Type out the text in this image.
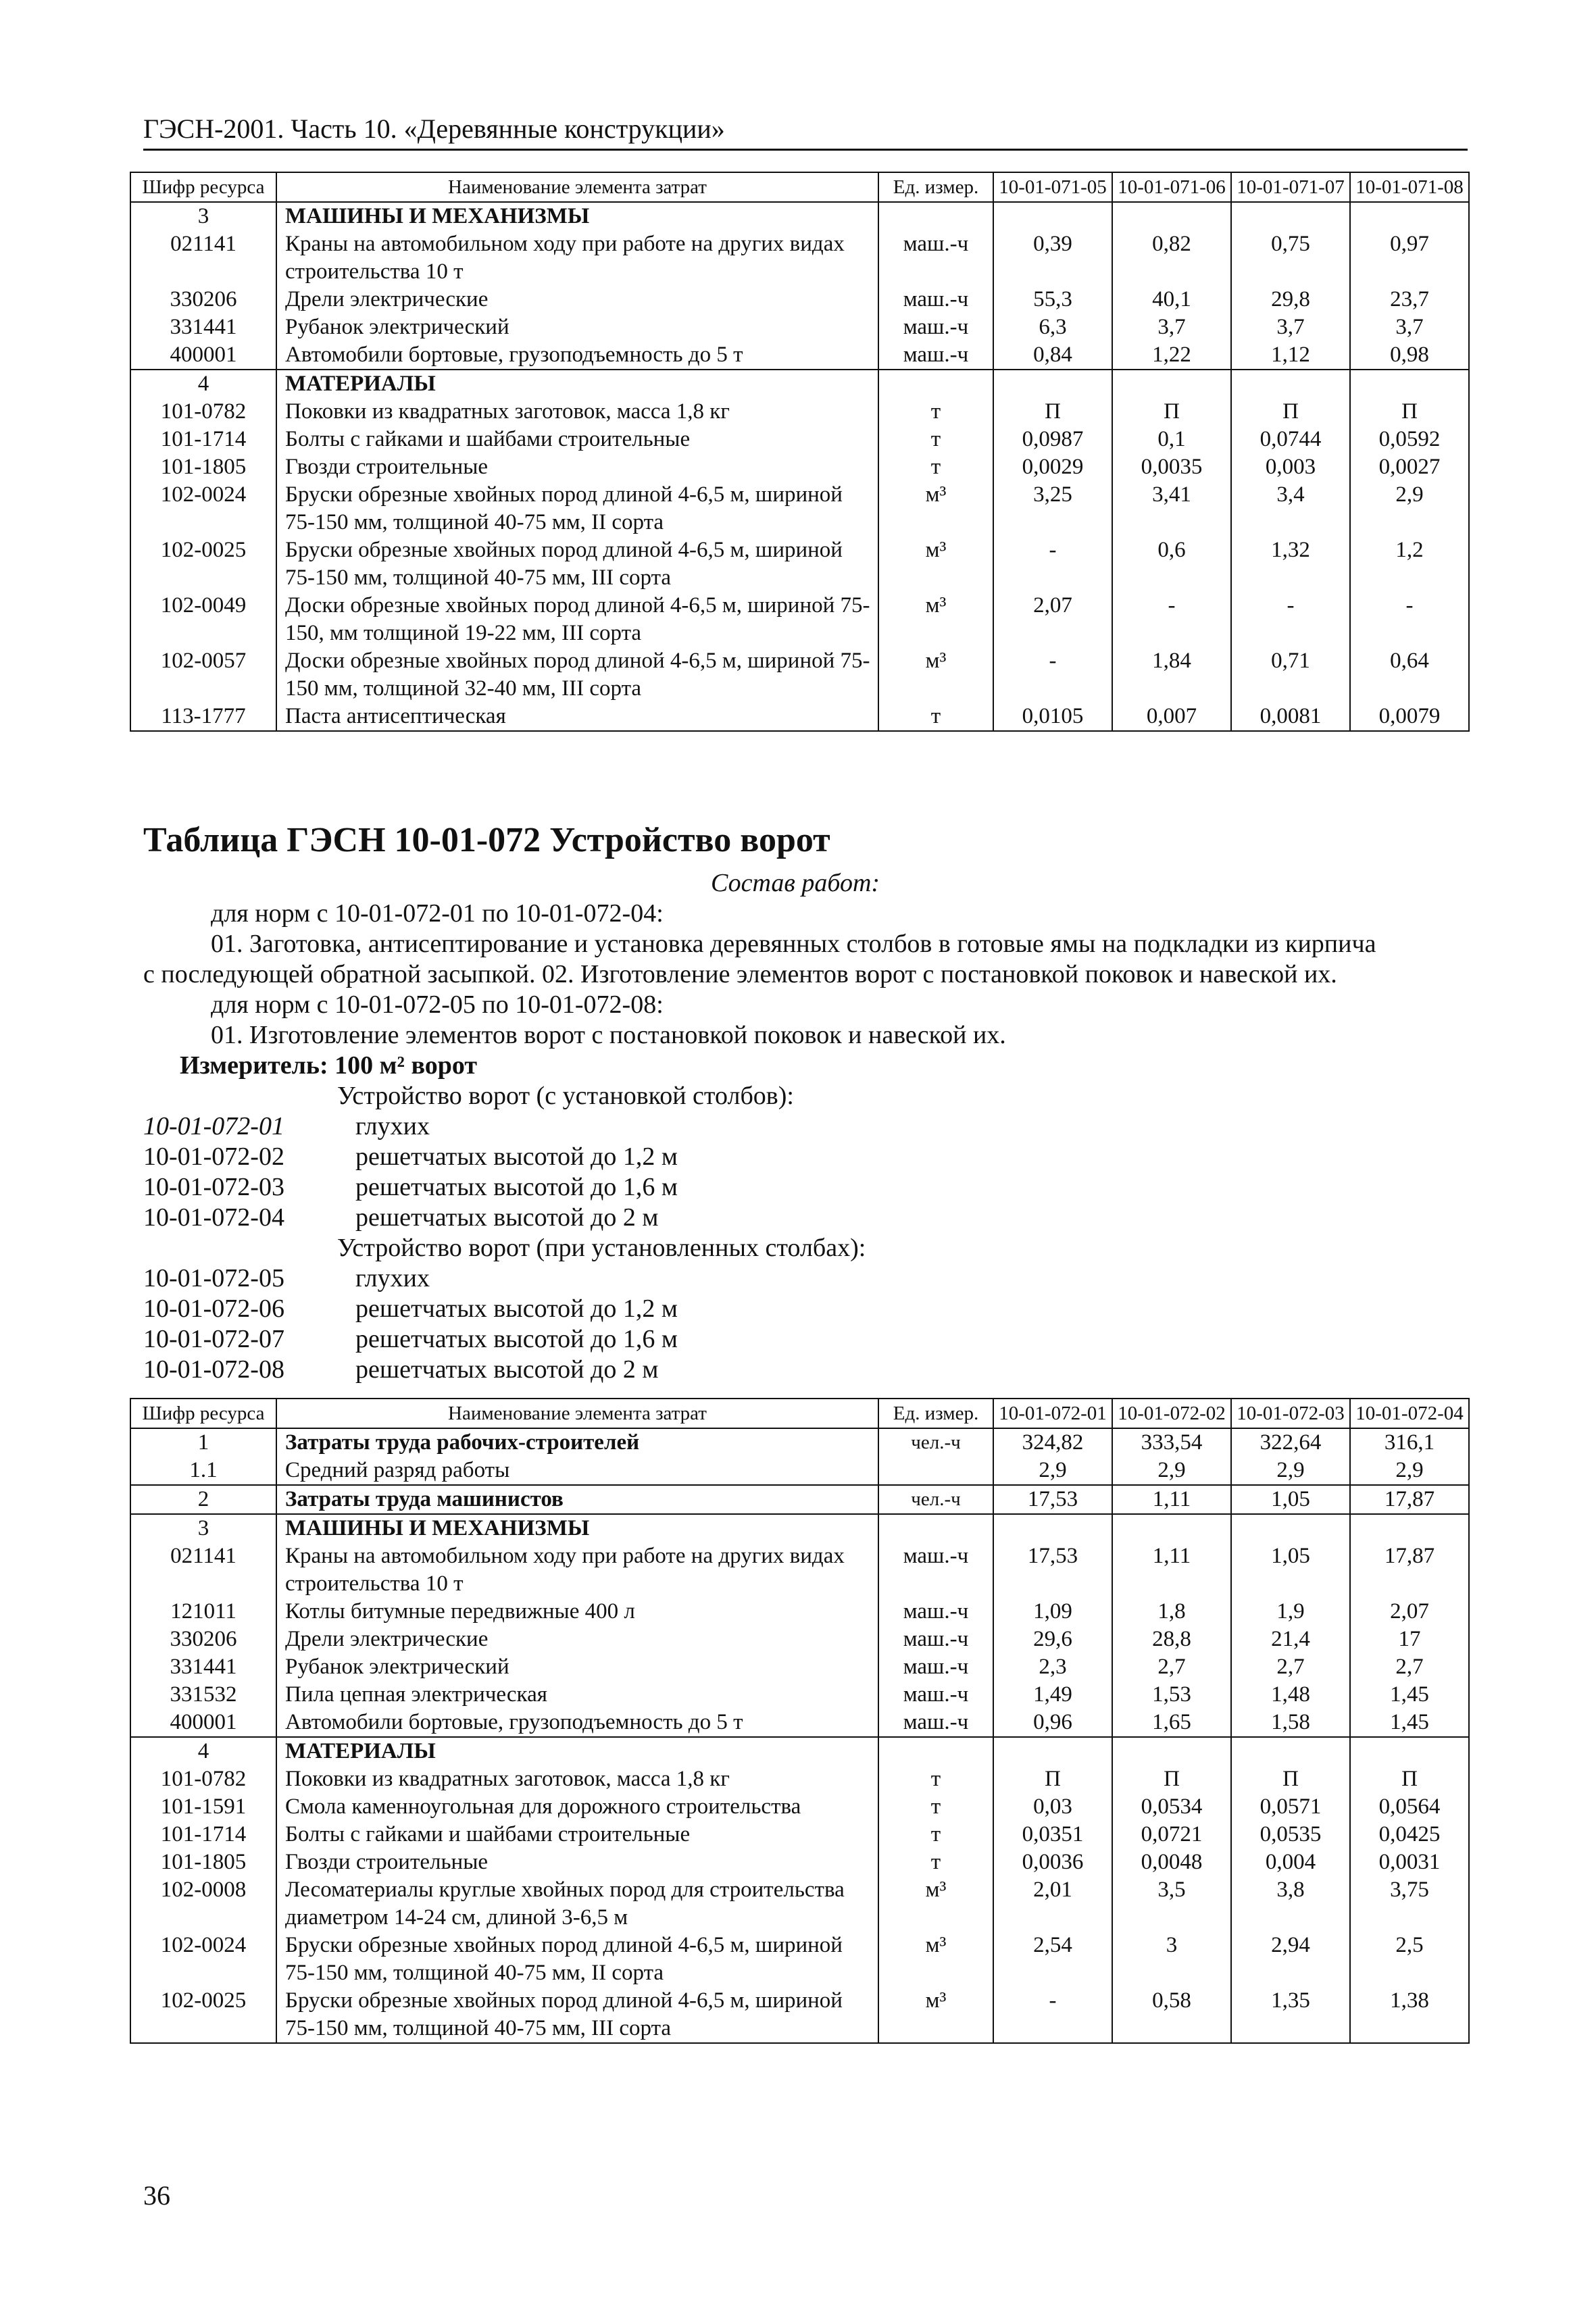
ГЭСН-2001. Часть 10. «Деревянные конструкции»
Шифр ресурса	Наименование элемента затрат	Ед. измер.	10-01-071-05	10-01-071-06	10-01-071-07	10-01-071-08
3	МАШИНЫ И МЕХАНИЗМЫ					
021141	Краны на автомобильном ходу при работе на других видах строительства 10 т	маш.-ч	0,39	0,82	0,75	0,97
330206	Дрели электрические	маш.-ч	55,3	40,1	29,8	23,7
331441	Рубанок электрический	маш.-ч	6,3	3,7	3,7	3,7
400001	Автомобили бортовые, грузоподъемность до 5 т	маш.-ч	0,84	1,22	1,12	0,98
4	МАТЕРИАЛЫ					
101-0782	Поковки из квадратных заготовок, масса 1,8 кг	т	П	П	П	П
101-1714	Болты с гайками и шайбами строительные	т	0,0987	0,1	0,0744	0,0592
101-1805	Гвозди строительные	т	0,0029	0,0035	0,003	0,0027
102-0024	Бруски обрезные хвойных пород длиной 4-6,5 м, шириной 75-150 мм, толщиной 40-75 мм, II сорта	м³	3,25	3,41	3,4	2,9
102-0025	Бруски обрезные хвойных пород длиной 4-6,5 м, шириной 75-150 мм, толщиной 40-75 мм, III сорта	м³	-	0,6	1,32	1,2
102-0049	Доски обрезные хвойных пород длиной 4-6,5 м, шириной 75-150, мм толщиной 19-22 мм, III сорта	м³	2,07	-	-	-
102-0057	Доски обрезные хвойных пород длиной 4-6,5 м, шириной 75-150 мм, толщиной 32-40 мм, III сорта	м³	-	1,84	0,71	0,64
113-1777	Паста антисептическая	т	0,0105	0,007	0,0081	0,0079
Таблица ГЭСН 10-01-072 Устройство ворот
Состав работ:
для норм с 10-01-072-01 по 10-01-072-04:
01. Заготовка, антисептирование и установка деревянных столбов в готовые ямы на подкладки из кирпича
с последующей обратной засыпкой. 02. Изготовление элементов ворот с постановкой поковок и навеской их.
для норм с 10-01-072-05 по 10-01-072-08:
01. Изготовление элементов ворот с постановкой поковок и навеской их.
Измеритель: 100 м² ворот
Устройство ворот (с установкой столбов):
10-01-072-01	глухих
10-01-072-02	решетчатых высотой до 1,2 м
10-01-072-03	решетчатых высотой до 1,6 м
10-01-072-04	решетчатых высотой до 2 м
Устройство ворот (при установленных столбах):
10-01-072-05	глухих
10-01-072-06	решетчатых высотой до 1,2 м
10-01-072-07	решетчатых высотой до 1,6 м
10-01-072-08	решетчатых высотой до 2 м
Шифр ресурса	Наименование элемента затрат	Ед. измер.	10-01-072-01	10-01-072-02	10-01-072-03	10-01-072-04
1	Затраты труда рабочих-строителей	чел.-ч	324,82	333,54	322,64	316,1
1.1	Средний разряд работы		2,9	2,9	2,9	2,9
2	Затраты труда машинистов	чел.-ч	17,53	1,11	1,05	17,87
3	МАШИНЫ И МЕХАНИЗМЫ					
021141	Краны на автомобильном ходу при работе на других видах строительства 10 т	маш.-ч	17,53	1,11	1,05	17,87
121011	Котлы битумные передвижные 400 л	маш.-ч	1,09	1,8	1,9	2,07
330206	Дрели электрические	маш.-ч	29,6	28,8	21,4	17
331441	Рубанок электрический	маш.-ч	2,3	2,7	2,7	2,7
331532	Пила цепная электрическая	маш.-ч	1,49	1,53	1,48	1,45
400001	Автомобили бортовые, грузоподъемность до 5 т	маш.-ч	0,96	1,65	1,58	1,45
4	МАТЕРИАЛЫ					
101-0782	Поковки из квадратных заготовок, масса 1,8 кг	т	П	П	П	П
101-1591	Смола каменноугольная для дорожного строительства	т	0,03	0,0534	0,0571	0,0564
101-1714	Болты с гайками и шайбами строительные	т	0,0351	0,0721	0,0535	0,0425
101-1805	Гвозди строительные	т	0,0036	0,0048	0,004	0,0031
102-0008	Лесоматериалы круглые хвойных пород для строительства диаметром 14-24 см, длиной 3-6,5 м	м³	2,01	3,5	3,8	3,75
102-0024	Бруски обрезные хвойных пород длиной 4-6,5 м, шириной 75-150 мм, толщиной 40-75 мм, II сорта	м³	2,54	3	2,94	2,5
102-0025	Бруски обрезные хвойных пород длиной 4-6,5 м, шириной 75-150 мм, толщиной 40-75 мм, III сорта	м³	-	0,58	1,35	1,38
36
